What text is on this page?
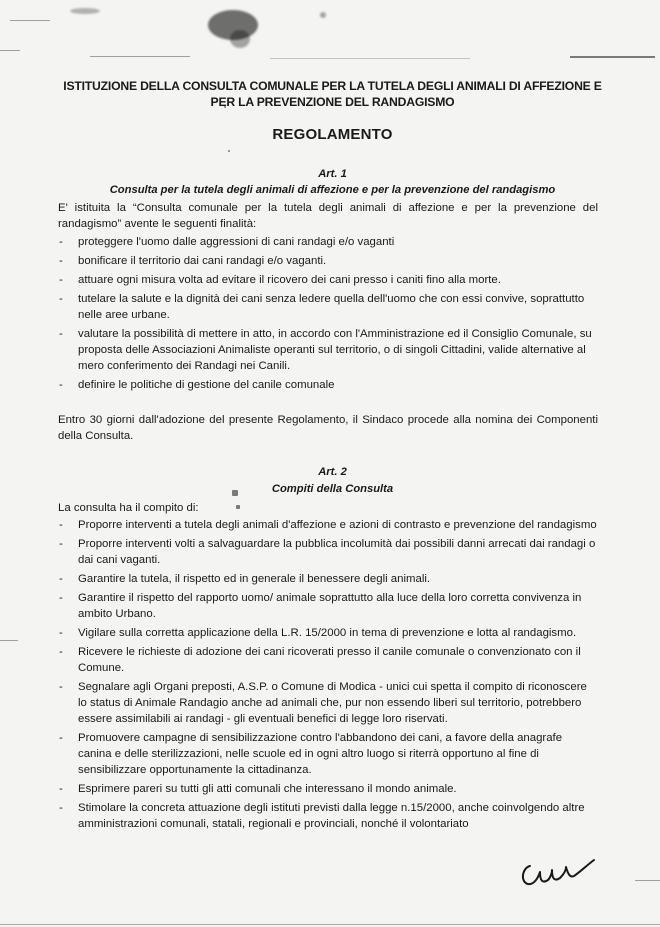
ISTITUZIONE DELLA CONSULTA COMUNALE PER LA TUTELA DEGLI ANIMALI DI AFFEZIONE E PER LA PREVENZIONE DEL RANDAGISMO
REGOLAMENTO
Art. 1
Consulta per la tutela degli animali di affezione e per la prevenzione del randagismo
E' istituita la “Consulta comunale per la tutela degli animali di affezione e per la prevenzione del randagismo” avente le seguenti finalità:
- proteggere l'uomo dalle aggressioni di cani randagi e/o vaganti
- bonificare il territorio dai cani randagi e/o vaganti.
- attuare ogni misura volta ad evitare il ricovero dei cani presso i caniti fino alla morte.
- tutelare la salute e la dignità dei cani senza ledere quella dell'uomo che con essi convive, soprattutto nelle aree urbane.
- valutare la possibilità di mettere in atto, in accordo con l'Amministrazione ed il Consiglio Comunale, su proposta delle Associazioni Animaliste operanti sul territorio, o di singoli Cittadini, valide alternative al mero conferimento dei Randagi nei Canili.
- definire le politiche di gestione del canile comunale
Entro 30 giorni dall'adozione del presente Regolamento, il Sindaco procede alla nomina dei Componenti della Consulta.
Art. 2
Compiti della Consulta
La consulta ha il compito di:
- Proporre interventi a tutela degli animali d'affezione e azioni di contrasto e prevenzione del randagismo
- Proporre interventi volti a salvaguardare la pubblica incolumità dai possibili danni arrecati dai randagi o dai cani vaganti.
- Garantire la tutela, il rispetto ed in generale il benessere degli animali.
- Garantire il rispetto del rapporto uomo/ animale soprattutto alla luce della loro corretta convivenza in ambito Urbano.
- Vigilare sulla corretta applicazione della L.R. 15/2000 in tema di prevenzione e lotta al randagismo.
- Ricevere le richieste di adozione dei cani ricoverati presso il canile comunale o convenzionato con il Comune.
- Segnalare agli Organi preposti, A.S.P. o Comune di Modica - unici cui spetta il compito di riconoscere lo status di Animale Randagio anche ad animali che, pur non essendo liberi sul territorio, potrebbero essere assimilabili ai randagi - gli eventuali benefici di legge loro riservati.
- Promuovere campagne di sensibilizzazione contro l'abbandono dei cani, a favore della anagrafe canina e delle sterilizzazioni, nelle scuole ed in ogni altro luogo si riterrà opportuno al fine di sensibilizzare opportunamente la cittadinanza.
- Esprimere pareri su tutti gli atti comunali che interessano il mondo animale.
- Stimolare la concreta attuazione degli istituti previsti dalla legge n.15/2000, anche coinvolgendo altre amministrazioni comunali, statali, regionali e provinciali, nonché il volontariato
